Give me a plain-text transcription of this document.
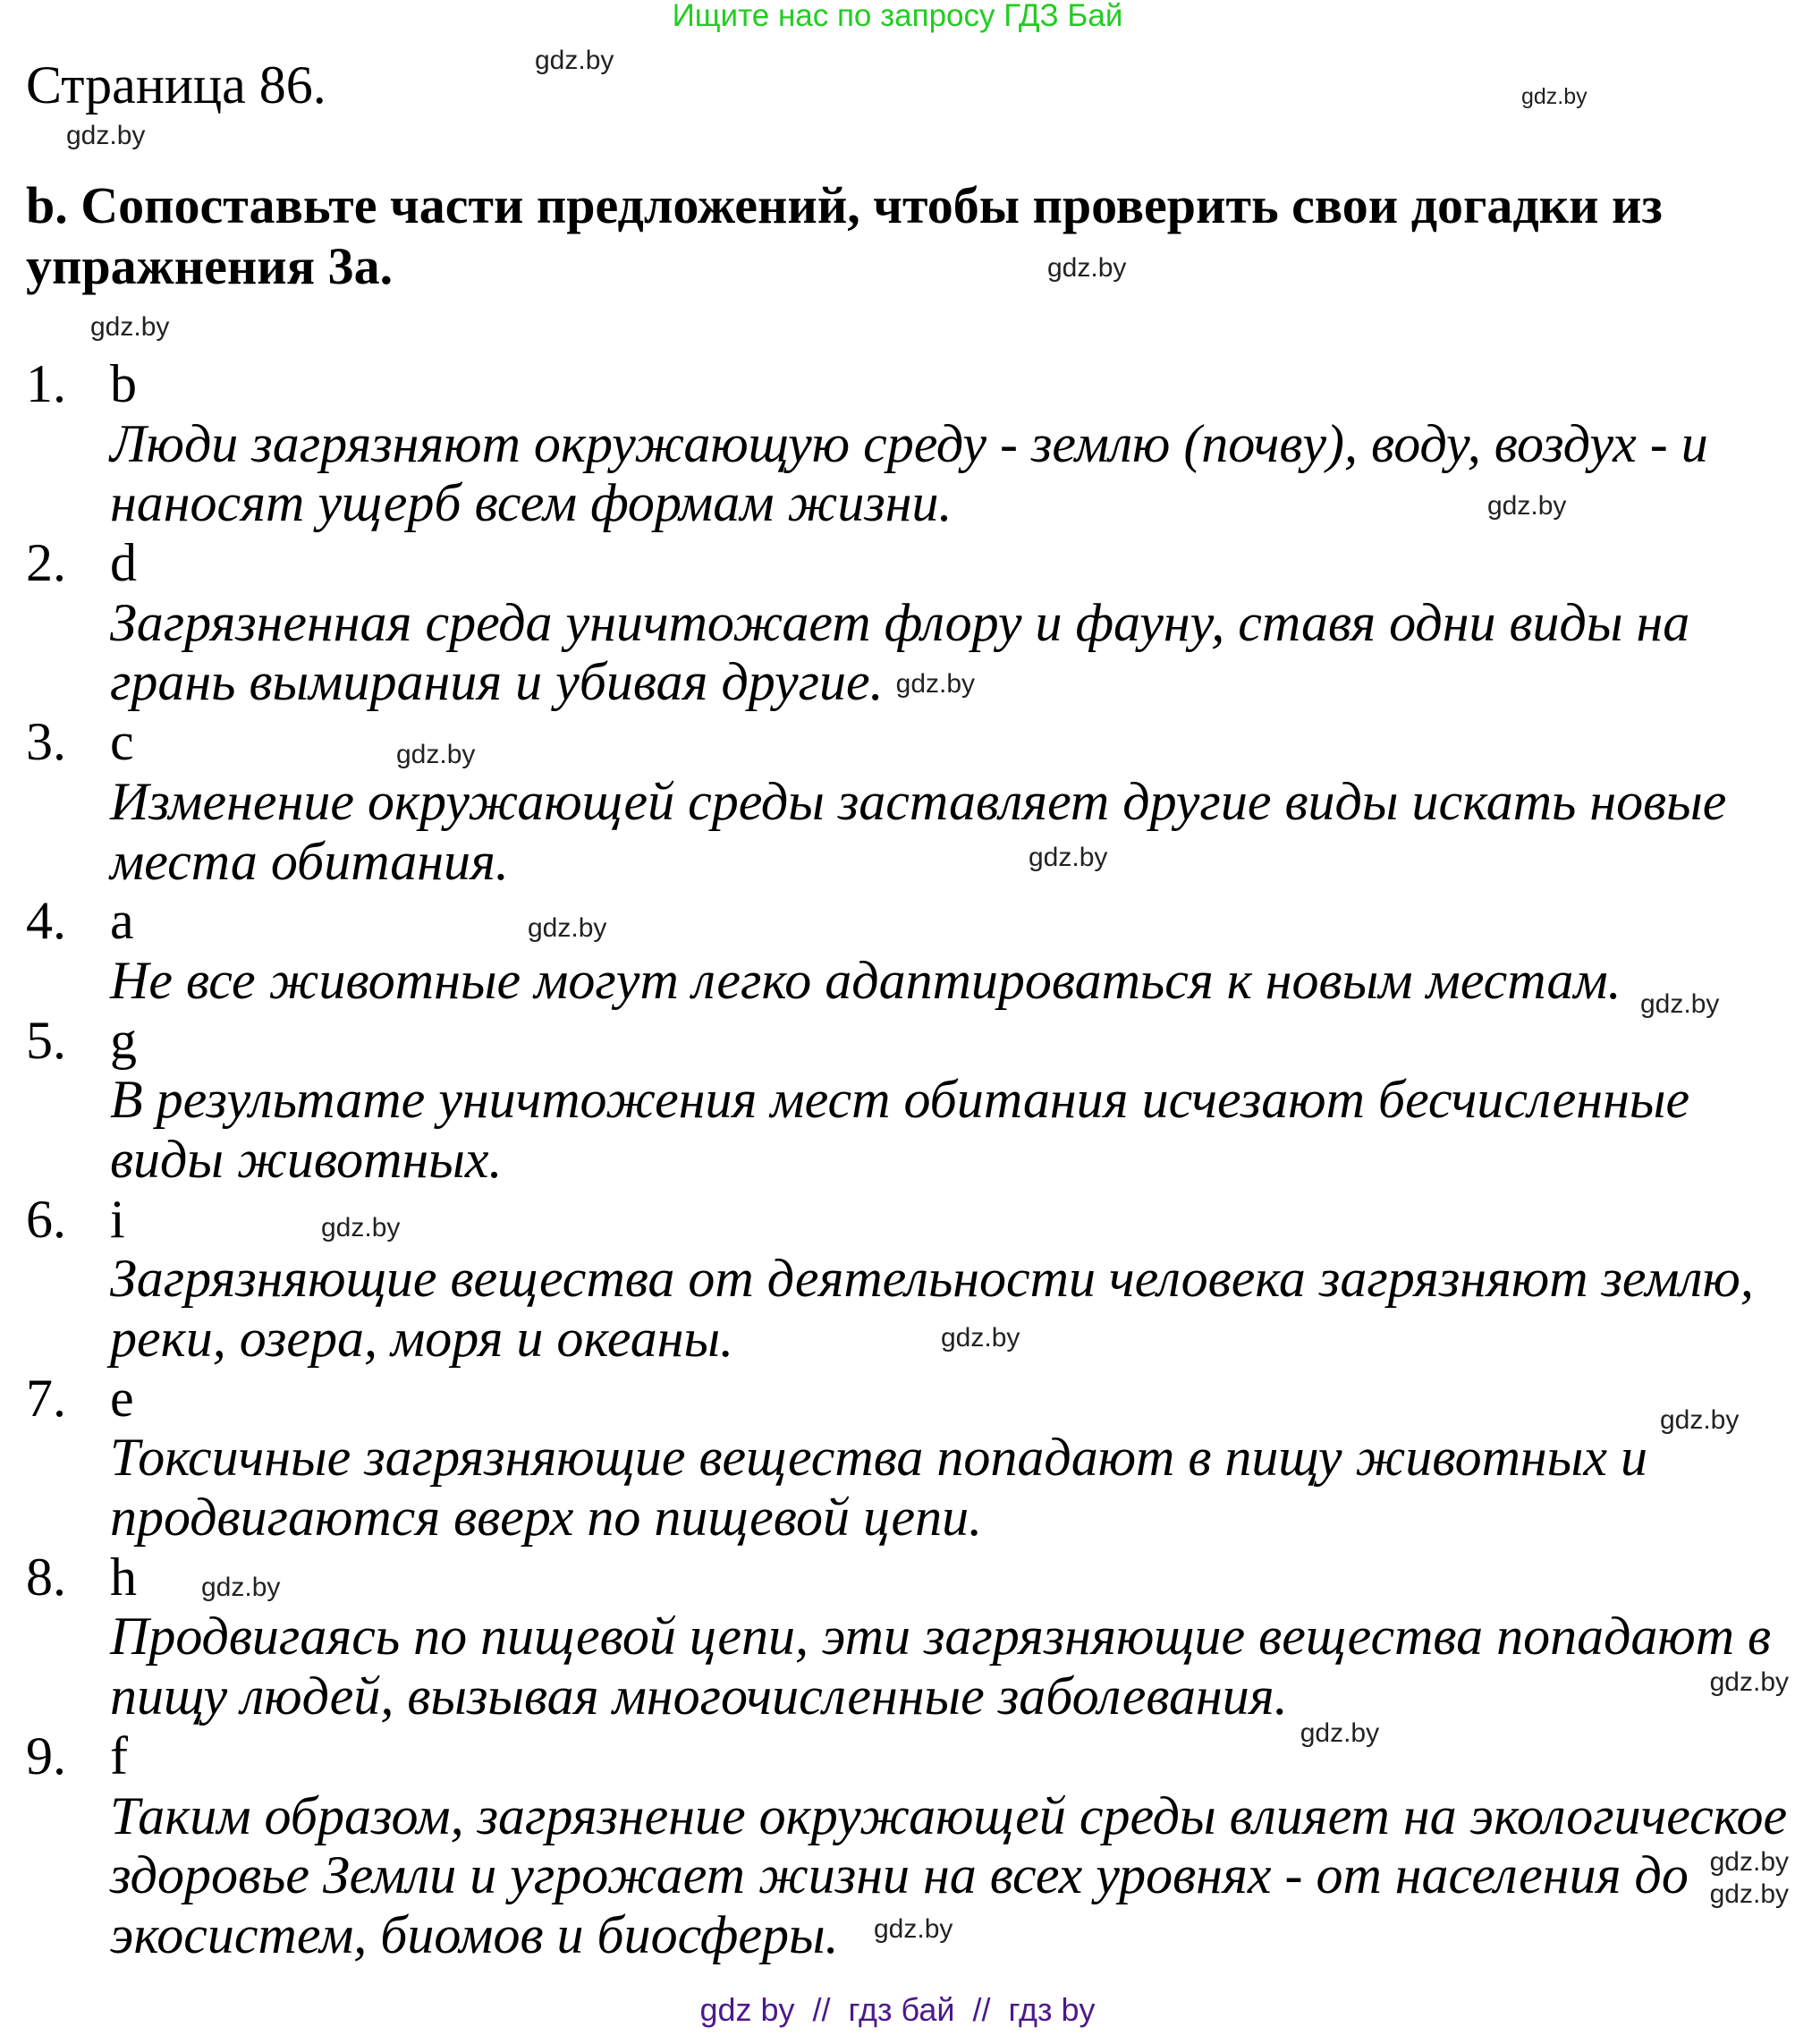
Ищите нас по запросу ГДЗ Бай
Страница 86.
b. Сопоставьте части предложений, чтобы проверить свои догадки из
упражнения 3а.
1. b
Люди загрязняют окружающую среду - землю (почву), воду, воздух - и
наносят ущерб всем формам жизни.
2. d
Загрязненная среда уничтожает флору и фауну, ставя одни виды на
грань вымирания и убивая другие.
3. c
Изменение окружающей среды заставляет другие виды искать новые
места обитания.
4. a
Не все животные могут легко адаптироваться к новым местам.
5. g
В результате уничтожения мест обитания исчезают бесчисленные
виды животных.
6. i
Загрязняющие вещества от деятельности человека загрязняют землю,
реки, озера, моря и океаны.
7. e
Токсичные загрязняющие вещества попадают в пищу животных и
продвигаются вверх по пищевой цепи.
8. h
Продвигаясь по пищевой цепи, эти загрязняющие вещества попадают в
пищу людей, вызывая многочисленные заболевания.
9. f
Таким образом, загрязнение окружающей среды влияет на экологическое
здоровье Земли и угрожает жизни на всех уровнях - от населения до
экосистем, биомов и биосферы.
gdz.by
gdz.by
gdz.by
gdz.by
gdz.by
gdz.by
gdz.by
gdz.by
gdz.by
gdz.by
gdz.by
gdz.by
gdz.by
gdz.by
gdz.by
gdz.by
gdz.by
gdz.by
gdz.by
gdz.by
gdz by  //  гдз бай  //  гдз by
